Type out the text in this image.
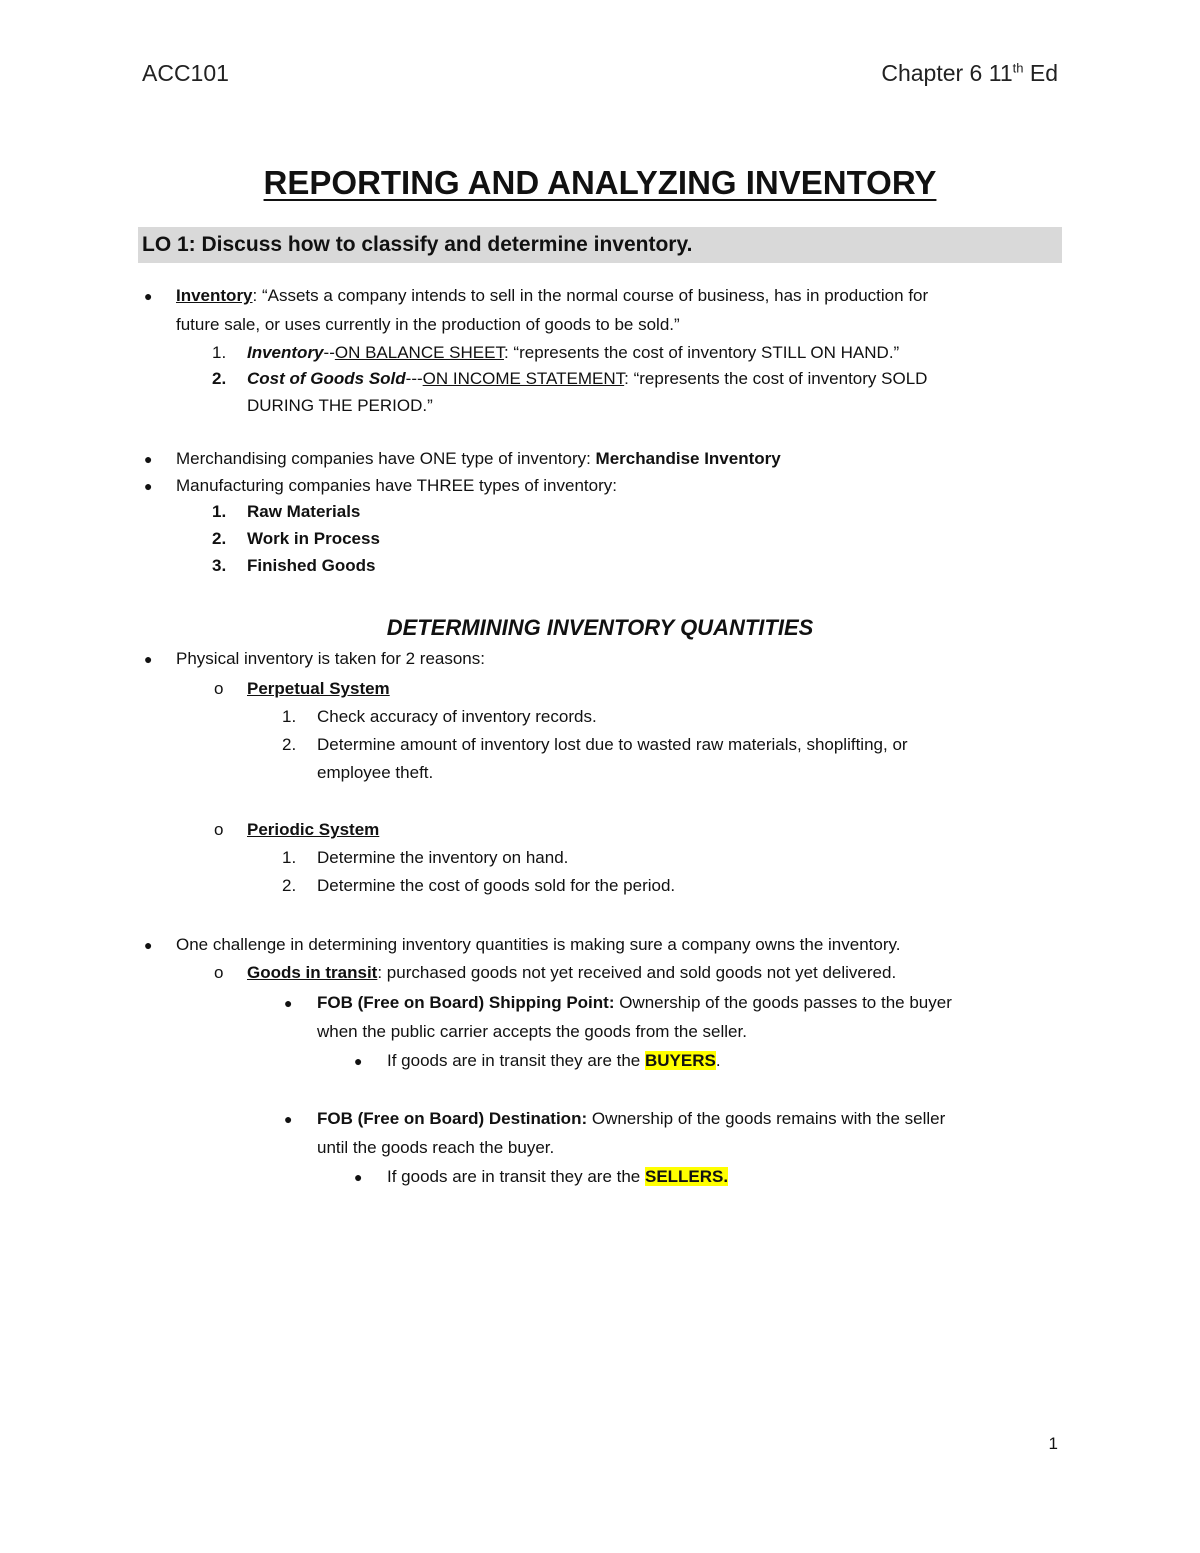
ACC101	Chapter 6 11th Ed
REPORTING AND ANALYZING INVENTORY
LO 1: Discuss how to classify and determine inventory.
● Inventory: “Assets a company intends to sell in the normal course of business, has in production for
future sale, or uses currently in the production of goods to be sold.”
1. Inventory--ON BALANCE SHEET: “represents the cost of inventory STILL ON HAND.”
2. Cost of Goods Sold---ON INCOME STATEMENT: “represents the cost of inventory SOLD
DURING THE PERIOD.”
● Merchandising companies have ONE type of inventory: Merchandise Inventory
● Manufacturing companies have THREE types of inventory:
1. Raw Materials
2. Work in Process
3. Finished Goods
DETERMINING INVENTORY QUANTITIES
● Physical inventory is taken for 2 reasons:
o Perpetual System
1. Check accuracy of inventory records.
2. Determine amount of inventory lost due to wasted raw materials, shoplifting, or
employee theft.
o Periodic System
1. Determine the inventory on hand.
2. Determine the cost of goods sold for the period.
● One challenge in determining inventory quantities is making sure a company owns the inventory.
o Goods in transit: purchased goods not yet received and sold goods not yet delivered.
● FOB (Free on Board) Shipping Point: Ownership of the goods passes to the buyer
when the public carrier accepts the goods from the seller.
● If goods are in transit they are the BUYERS.
● FOB (Free on Board) Destination: Ownership of the goods remains with the seller
until the goods reach the buyer.
● If goods are in transit they are the SELLERS.
1
